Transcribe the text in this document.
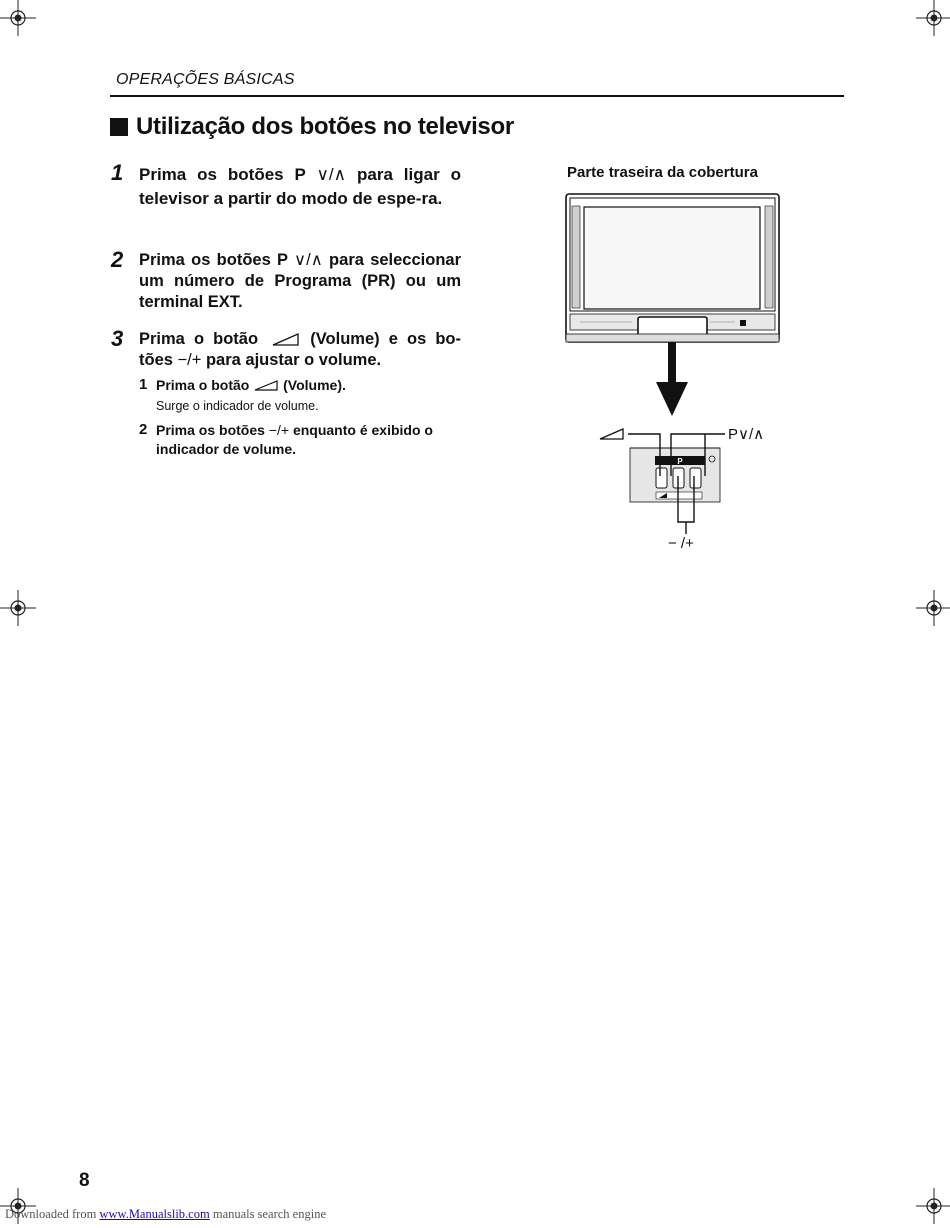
OPERAÇÕES BÁSICAS
Utilização dos botões no televisor
1 Prima os botões P ∨/∧ para ligar o televisor a partir do modo de espe-ra.
2 Prima os botões P ∨/∧ para seleccionar um número de Programa (PR) ou um terminal EXT.
3 Prima o botão  (Volume) e os bo-tões −/+ para ajustar o volume.
1 Prima o botão  (Volume).
Surge o indicador de volume.
2 Prima os botões −/+ enquanto é exibido o indicador de volume.
Parte traseira da cobertura
P
P∨/∧
− /+
8
Downloaded from www.Manualslib.com manuals search engine
